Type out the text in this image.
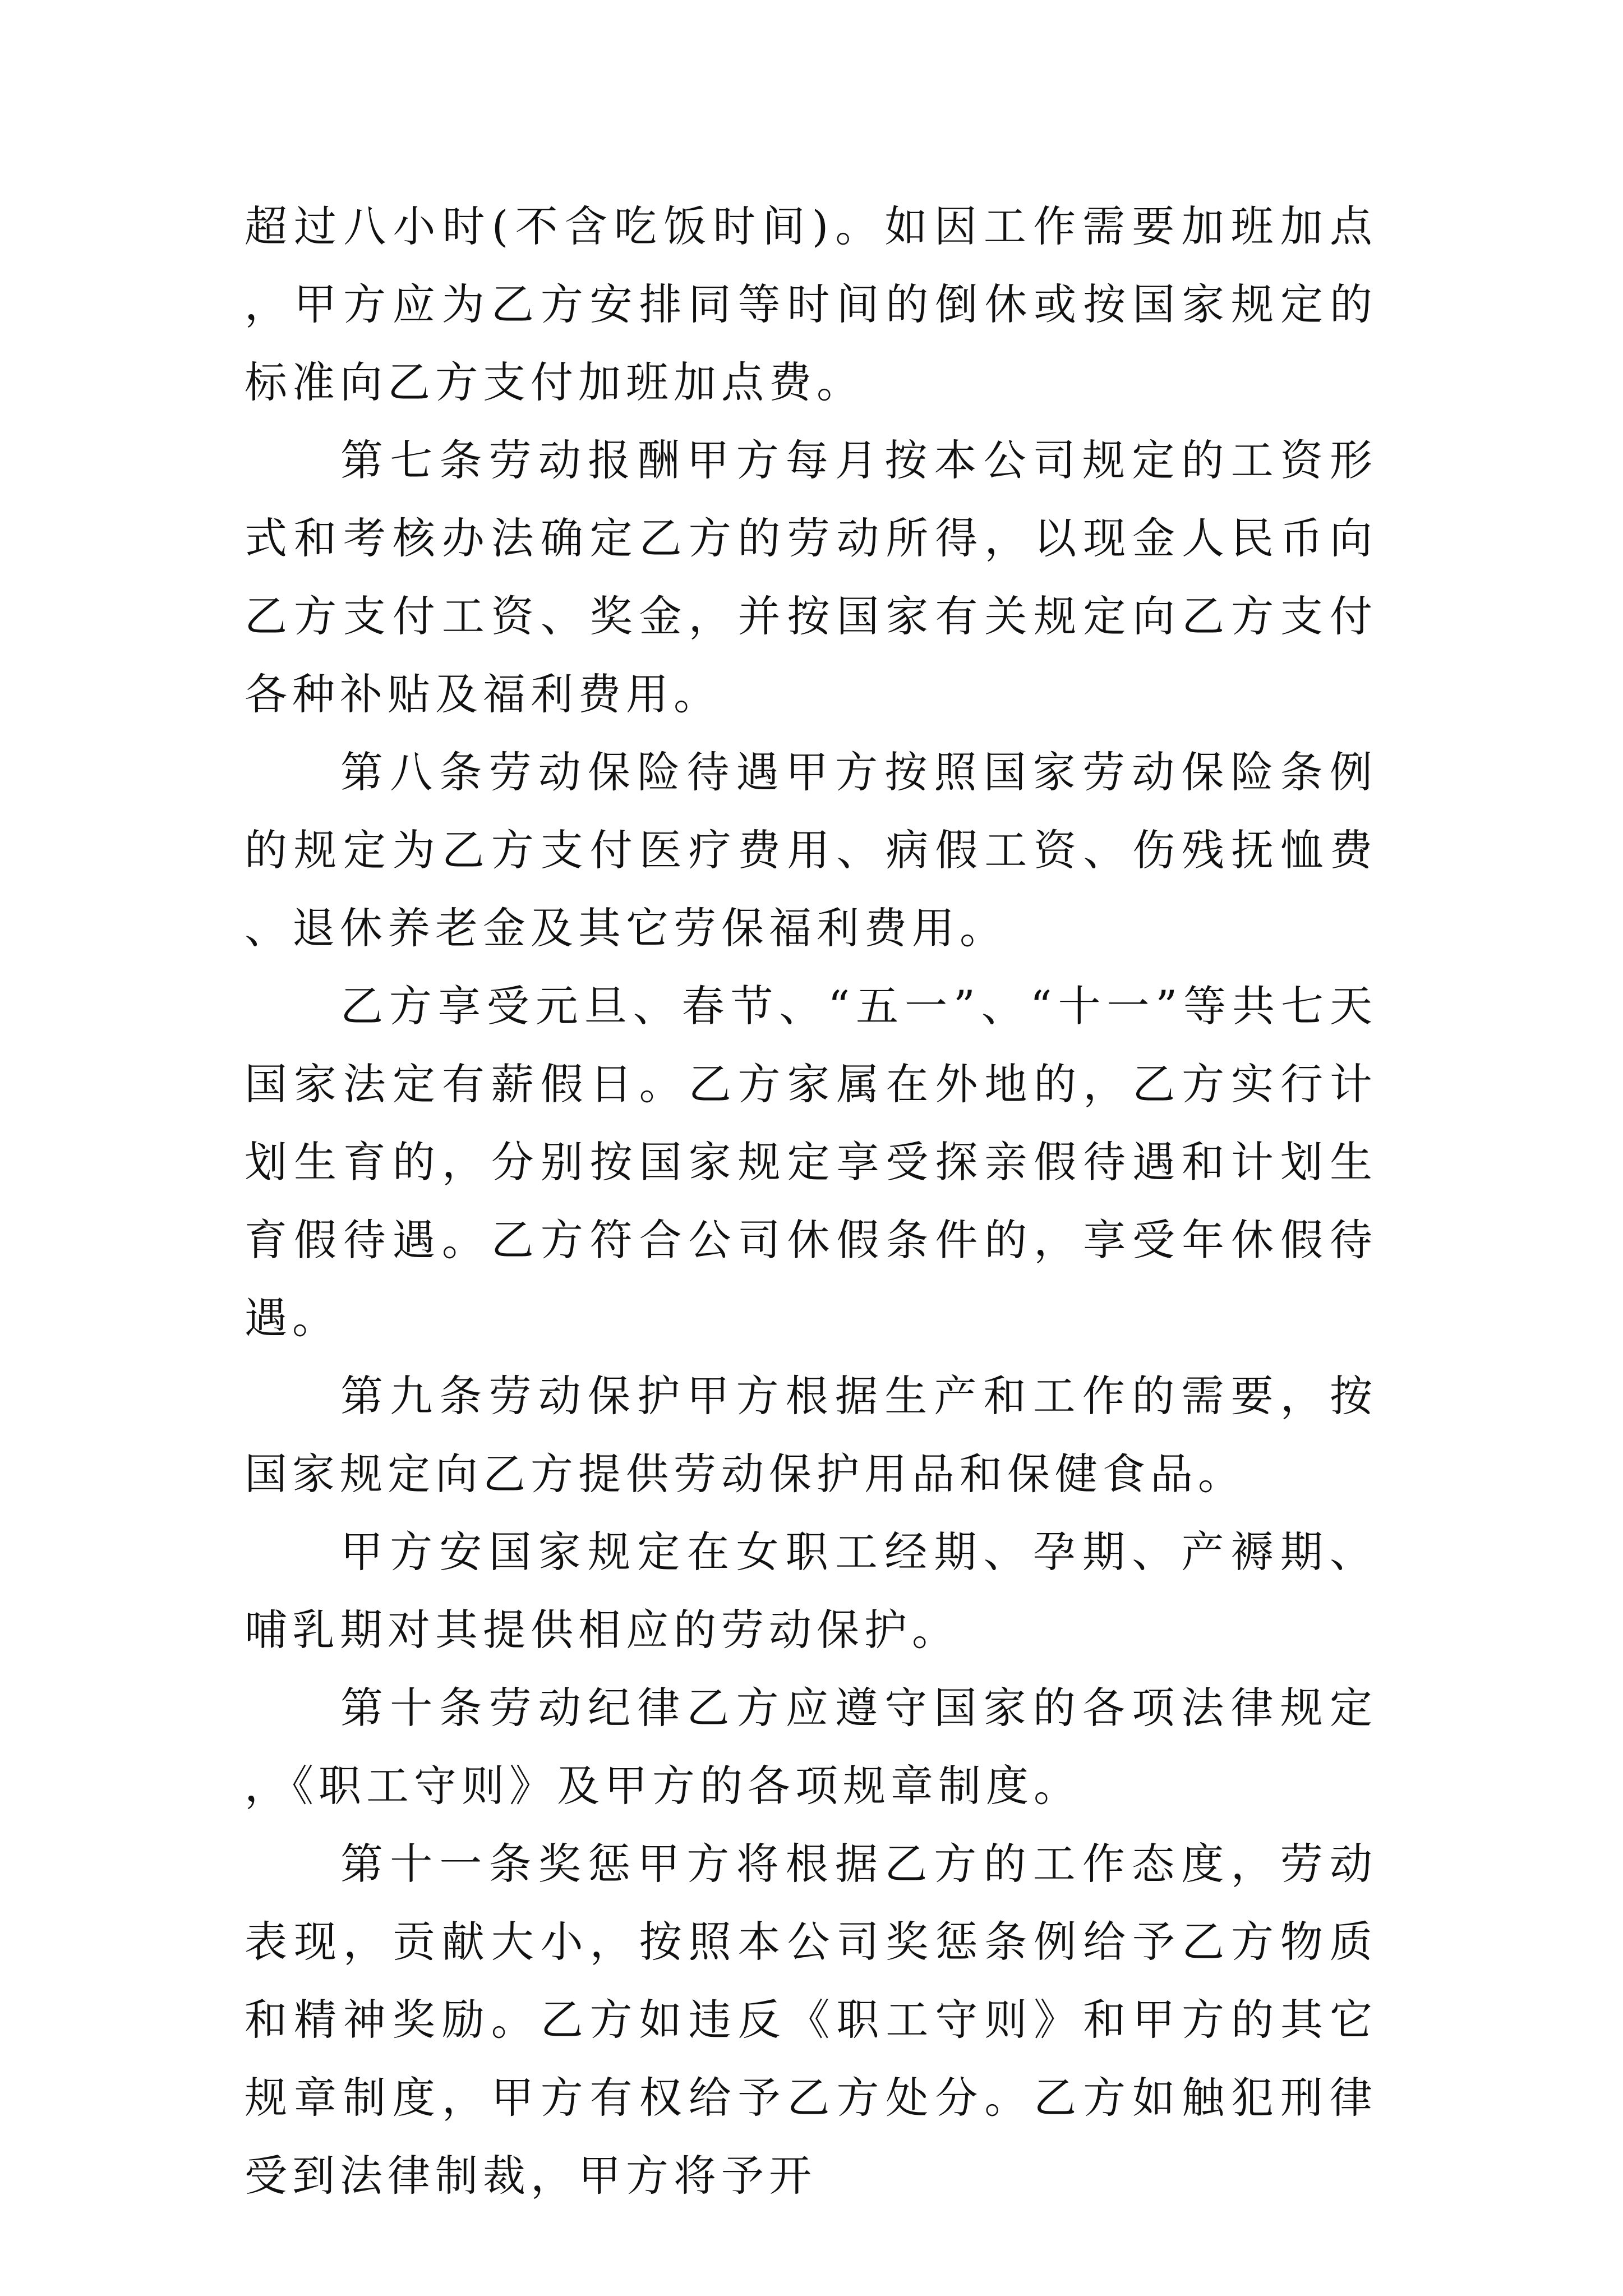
超过八小时(不含吃饭时间)。如因工作需要加班加点，甲方应为乙方安排同等时间的倒休或按国家规定的标准向乙方支付加班加点费。

第七条劳动报酬甲方每月按本公司规定的工资形式和考核办法确定乙方的劳动所得，以现金人民币向乙方支付工资、奖金，并按国家有关规定向乙方支付各种补贴及福利费用。

第八条劳动保险待遇甲方按照国家劳动保险条例的规定为乙方支付医疗费用、病假工资、伤残抚恤费、退休养老金及其它劳保福利费用。

乙方享受元旦、春节、“五一”、“十一”等共七天国家法定有薪假日。乙方家属在外地的，乙方实行计划生育的，分别按国家规定享受探亲假待遇和计划生育假待遇。乙方符合公司休假条件的，享受年休假待遇。

第九条劳动保护甲方根据生产和工作的需要，按国家规定向乙方提供劳动保护用品和保健食品。

甲方安国家规定在女职工经期、孕期、产褥期、哺乳期对其提供相应的劳动保护。

第十条劳动纪律乙方应遵守国家的各项法律规定，《职工守则》及甲方的各项规章制度。

第十一条奖惩甲方将根据乙方的工作态度，劳动表现，贡献大小，按照本公司奖惩条例给予乙方物质和精神奖励。乙方如违反《职工守则》和甲方的其它规章制度，甲方有权给予乙方处分。乙方如触犯刑律受到法律制裁，甲方将予开
